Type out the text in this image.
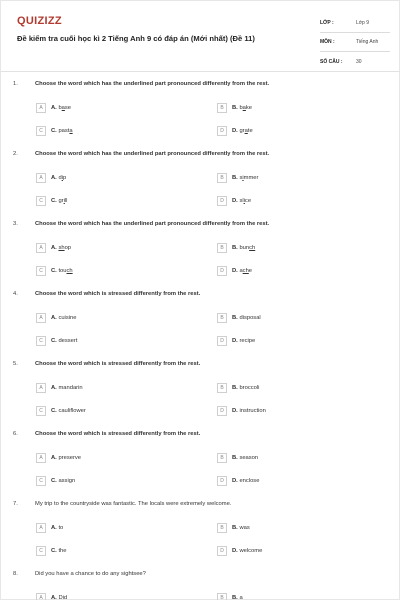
QUIZIZZ
Đề kiểm tra cuối học kì 2 Tiếng Anh 9 có đáp án (Mới nhất) (Đề 11)
LỚP :	Lớp 9
MÔN :	Tiếng Anh
SỐ CÂU :	30
1.	Choose the word which has the underlined part pronounced differently from the rest.
A	A. base	B	B. bake
C	C. pasta	D	D. grate
2.	Choose the word which has the underlined part pronounced differently from the rest.
A	A. dip	B	B. simmer
C	C. grill	D	D. slice
3.	Choose the word which has the underlined part pronounced differently from the rest.
A	A. shop	B	B. bunch
C	C. touch	D	D. ache
4.	Choose the word which is stressed differently from the rest.
A	A. cuisine	B	B. disposal
C	C. dessert	D	D. recipe
5.	Choose the word which is stressed differently from the rest.
A	A. mandarin	B	B. broccoli
C	C. cauliflower	D	D. instruction
6.	Choose the word which is stressed differently from the rest.
A	A. preserve	B	B. season
C	C. assign	D	D. enclose
7.	My trip to the countryside was fantastic. The locals were extremely welcome.
A	A. to	B	B. was
C	C. the	D	D. welcome
8.	Did you have a chance to do any sightsee?
A	A. Did	B	B. a
